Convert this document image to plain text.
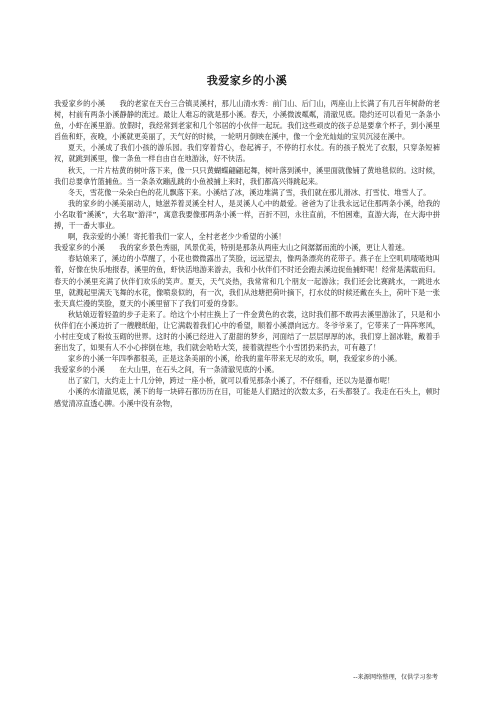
我爱家乡的小溪

我爱家乡的小溪　　我的老家在天台三合镇灵溪村，那儿山清水秀：前门山、后门山，两座山上长满了有几百年树龄的老树，村前有两条小溪静静的流过。最让人难忘的就是那小溪。春天，小溪微波粼粼，清澈见底。隐约还可以看见一条条小鱼，小虾在溪里游。放假时，我经常到老家和几个邻居的小伙伴一起玩。我们这些顽皮的孩子总是要拿个杯子，到小溪里舀鱼和虾，夜晚，小溪就更美丽了，天气好的时候，一轮明月倒映在溪中，像一个金光灿灿的宝贝沉浸在溪中。

夏天，小溪成了我们小孩的游乐园。我们穿着背心，卷起裤子，不停的打水仗。有的孩子脱光了衣服，只穿条短裤衩，就跳到溪里，像一条鱼一样自由自在地游泳，好不快活。

秋天，一片片枯黄的树叶落下来，像一只只黄蝴蝶翩翩起舞，树叶落到溪中，溪里面就像铺了黄地毯似的。这时候，我们总要拿竹篮捕鱼。当一条条欢蹦乱跳的小鱼被捕上来时，我们都高兴得跳起来。

冬天，雪花像一朵朵白色的花儿飘落下来。小溪结了冰，溪边堆满了雪，我们就在那儿滑冰、打雪仗、堆雪人了。

我的家乡的小溪美丽动人，她滋养着灵溪全村人，是灵溪人心中的最爱。爸爸为了让我永远记住那两条小溪，给我的小名取着“溪溪”，大名取“游洋”，寓意我要像那两条小溪一样，百折不回，永往直前，不怕困难，直游大海，在大海中拼搏，干一番大事业。

啊，我亲爱的小溪！寄托着我们一家人，全村老老少少希望的小溪！

我爱家乡的小溪　　我的家乡景色秀丽，风景优美，特别是那条从两座大山之间潺潺而流的小溪，更让人着迷。

春姑娘来了，溪边的小草醒了，小花也微微露出了笑脸，远远望去，像两条漂亮的花带子。燕子在上空叽叽喳喳地叫着，好像在快乐地报春，溪里的鱼，虾快活地游来游去，我和小伙伴们不时还会跑去溪边捉鱼捕虾呢！经常是满载而归。春天的小溪里充满了伙伴们欢乐的笑声。夏天，天气炎热，我常常和几个朋友一起游泳；我们还会比赛跳水，一跳进水里，就溅起里满天飞舞的水花，像喷泉似的，有一次，我们从池塘把荷叶摘下，打水仗的时候还戴在头上，荷叶下是一张张天真烂漫的笑脸，夏天的小溪里留下了我们可爱的身影。

秋姑娘迈着轻盈的步子走来了。给这个小村庄换上了一件金黄色的衣裳，这时我们都不敢再去溪里游泳了，只是和小伙伴们在小溪边折了一艘艘纸船，让它满载着我们心中的希望，顺着小溪漂向远方。冬爷爷来了，它带来了一阵阵寒风，小村庄变成了粉妆玉砌的世界。这时的小溪已经进入了甜甜的梦乡，河面结了一层层厚厚的冰，我们穿上溜冰鞋，戴着手套出发了，如果有人不小心摔倒在地，我们就会哈哈大笑，接着就捏些个小雪团扔来扔去，可有趣了！

家乡的小溪一年四季都很美，正是这条美丽的小溪，给我的童年带来无尽的欢乐，啊，我爱家乡的小溪。

我爱家乡的小溪　　在大山里，在石头之间，有一条清澈见底的小溪。

出了家门，大约走上十几分钟，跨过一座小桥，就可以看见那条小溪了，不仔细看，还以为是瀑布呢！

小溪的水清澈见底，溪下的每一块碎石都历历在目，可能是人们踏过的次数太多，石头都裂了。我走在石头上，顿时感觉清凉直透心脾。小溪中没有杂物，

--来源网络整理，仅供学习参考
